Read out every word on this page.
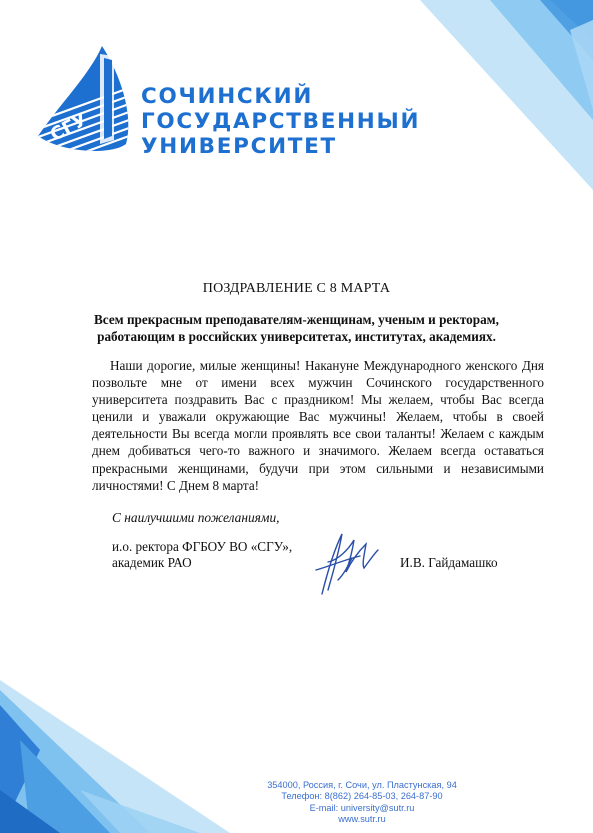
СГУ
СОЧИНСКИЙ
ГОСУДАРСТВЕННЫЙ
УНИВЕРСИТЕТ
ПОЗДРАВЛЕНИЕ С 8 МАРТА
Всем прекрасным преподавателям-женщинам, ученым и ректорам, работающим в российских университетах, институтах, академиях.
Наши дорогие, милые женщины! Накануне Международного женского Дня позвольте мне от имени всех мужчин Сочинского государственного университета поздравить Вас с праздником! Мы желаем, чтобы Вас всегда ценили и уважали окружающие Вас мужчины! Желаем, чтобы в своей деятельности Вы всегда могли проявлять все свои таланты! Желаем с каждым днем добиваться чего-то важного и значимого. Желаем всегда оставаться прекрасными женщинами, будучи при этом сильными и независимыми личностями! С Днем 8 марта!
С наилучшими пожеланиями,
и.о. ректора ФГБОУ ВО «СГУ»,
академик РАО	И.В. Гайдамашко
354000, Россия, г. Сочи, ул. Пластунская, 94
Телефон: 8(862) 264-85-03, 264-87-90
E-mail: university@sutr.ru
www.sutr.ru
